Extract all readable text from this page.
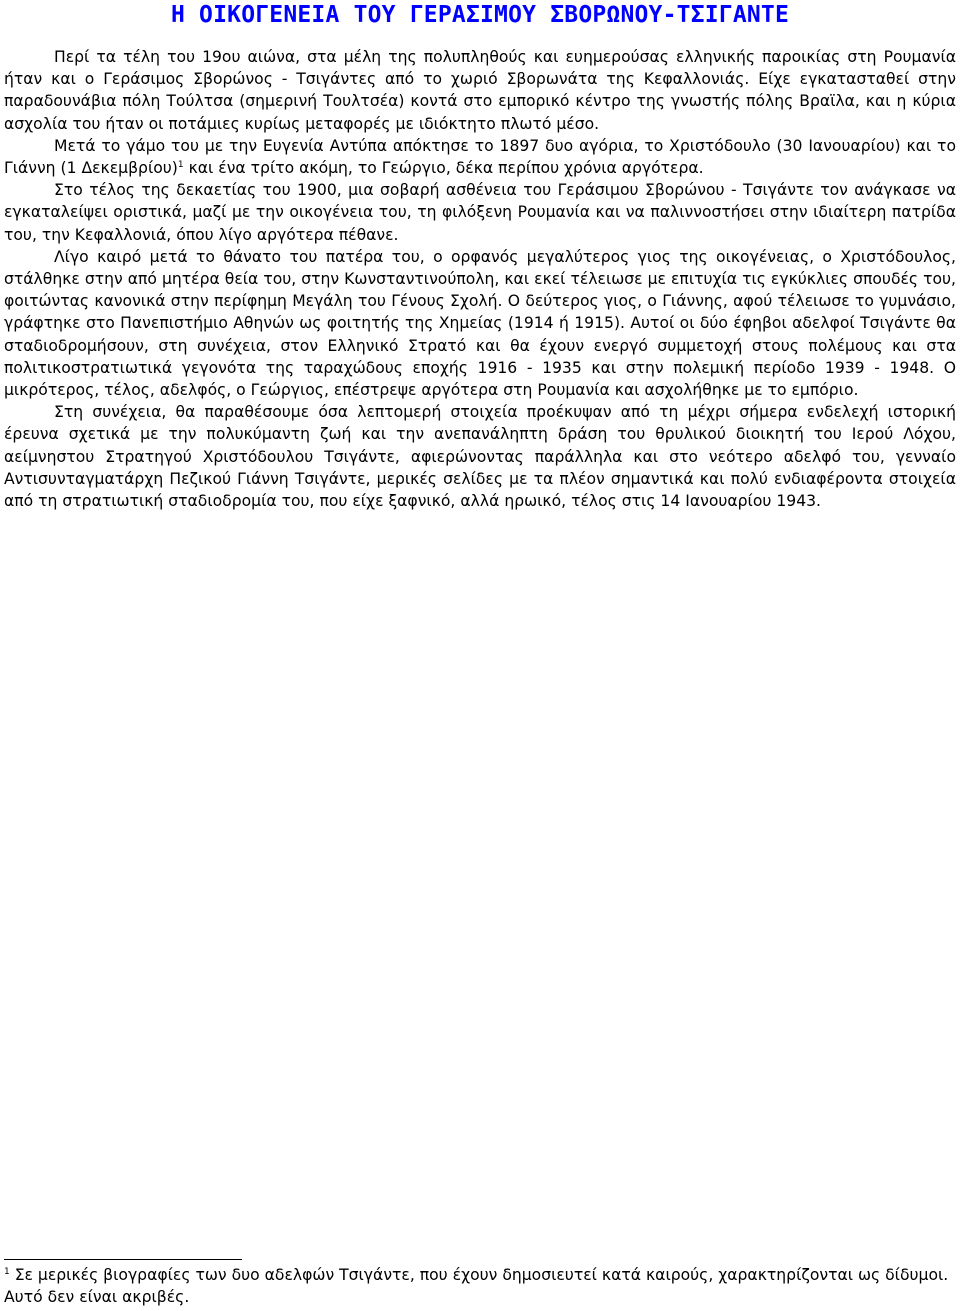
Η ΟΙΚΟΓΕΝΕΙΑ ΤΟΥ ΓΕΡΑΣΙΜΟΥ ΣΒΟΡΩΝΟΥ-ΤΣΙΓΑΝΤΕ

Περί τα τέλη του 19ου αιώνα, στα μέλη της πολυπληθούς και ευημερούσας ελληνικής παροικίας στη Ρουμανία ήταν και ο Γεράσιμος Σβορώνος - Τσιγάντες από το χωριό Σβορωνάτα της Κεφαλλονιάς. Είχε εγκατασταθεί στην παραδουνάβια πόλη Τούλτσα (σημερινή Τουλτσέα) κοντά στο εμπορικό κέντρο της γνωστής πόλης Βραϊλα, και η κύρια ασχολία του ήταν οι ποτάμιες κυρίως μεταφορές με ιδιόκτητο πλωτό μέσο.

Μετά το γάμο του με την Ευγενία Αντύπα απόκτησε το 1897 δυο αγόρια, το Χριστόδουλο (30 Ιανουαρίου) και το Γιάννη (1 Δεκεμβρίου)$^1$ και ένα τρίτο ακόμη, το Γεώργιο, δέκα περίπου χρόνια αργότερα.

Στο τέλος της δεκαετίας του 1900, μια σοβαρή ασθένεια του Γεράσιμου Σβορώνου - Τσιγάντε τον ανάγκασε να εγκαταλείψει οριστικά, μαζί με την οικογένεια του, τη φιλόξενη Ρουμανία και να παλιννοστήσει στην ιδιαίτερη πατρίδα του, την Κεφαλλονιά, όπου λίγο αργότερα πέθανε.

Λίγο καιρό μετά το θάνατο του πατέρα του, ο ορφανός μεγαλύτερος γιος της οικογένειας, ο Χριστόδουλος, στάλθηκε στην από μητέρα θεία του, στην Κωνσταντινούπολη, και εκεί τέλειωσε με επιτυχία τις εγκύκλιες σπουδές του, φοιτώντας κανονικά στην περίφημη Μεγάλη του Γένους Σχολή. Ο δεύτερος γιος, ο Γιάννης, αφού τέλειωσε το γυμνάσιο, γράφτηκε στο Πανεπιστήμιο Αθηνών ως φοιτητής της Χημείας (1914 ή 1915). Αυτοί οι δύο έφηβοι αδελφοί Τσιγάντε θα σταδιοδρομήσουν, στη συνέχεια, στον Ελληνικό Στρατό και θα έχουν ενεργό συμμετοχή στους πολέμους και στα πολιτικοστρατιωτικά γεγονότα της ταραχώδους εποχής 1916 - 1935 και στην πολεμική περίοδο 1939 - 1948. Ο μικρότερος, τέλος, αδελφός, ο Γεώργιος, επέστρεψε αργότερα στη Ρουμανία και ασχολήθηκε με το εμπόριο.

Στη συνέχεια, θα παραθέσουμε όσα λεπτομερή στοιχεία προέκυψαν από τη μέχρι σήμερα ενδελεχή ιστορική έρευνα σχετικά με την πολυκύμαντη ζωή και την ανεπανάληπτη δράση του θρυλικού διοικητή του Ιερού Λόχου, αείμνηστου Στρατηγού Χριστόδουλου Τσιγάντε, αφιερώνοντας παράλληλα και στο νεότερο αδελφό του, γενναίο Αντισυνταγματάρχη Πεζικού Γιάννη Τσιγάντε, μερικές σελίδες με τα πλέον σημαντικά και πολύ ενδιαφέροντα στοιχεία από τη στρατιωτική σταδιοδρομία του, που είχε ξαφνικό, αλλά ηρωικό, τέλος στις 14 Ιανουαρίου 1943.

$^1$ Σε μερικές βιογραφίες των δυο αδελφών Τσιγάντε, που έχουν δημοσιευτεί κατά καιρούς, χαρακτηρίζονται ως δίδυμοι. Αυτό δεν είναι ακριβές.
